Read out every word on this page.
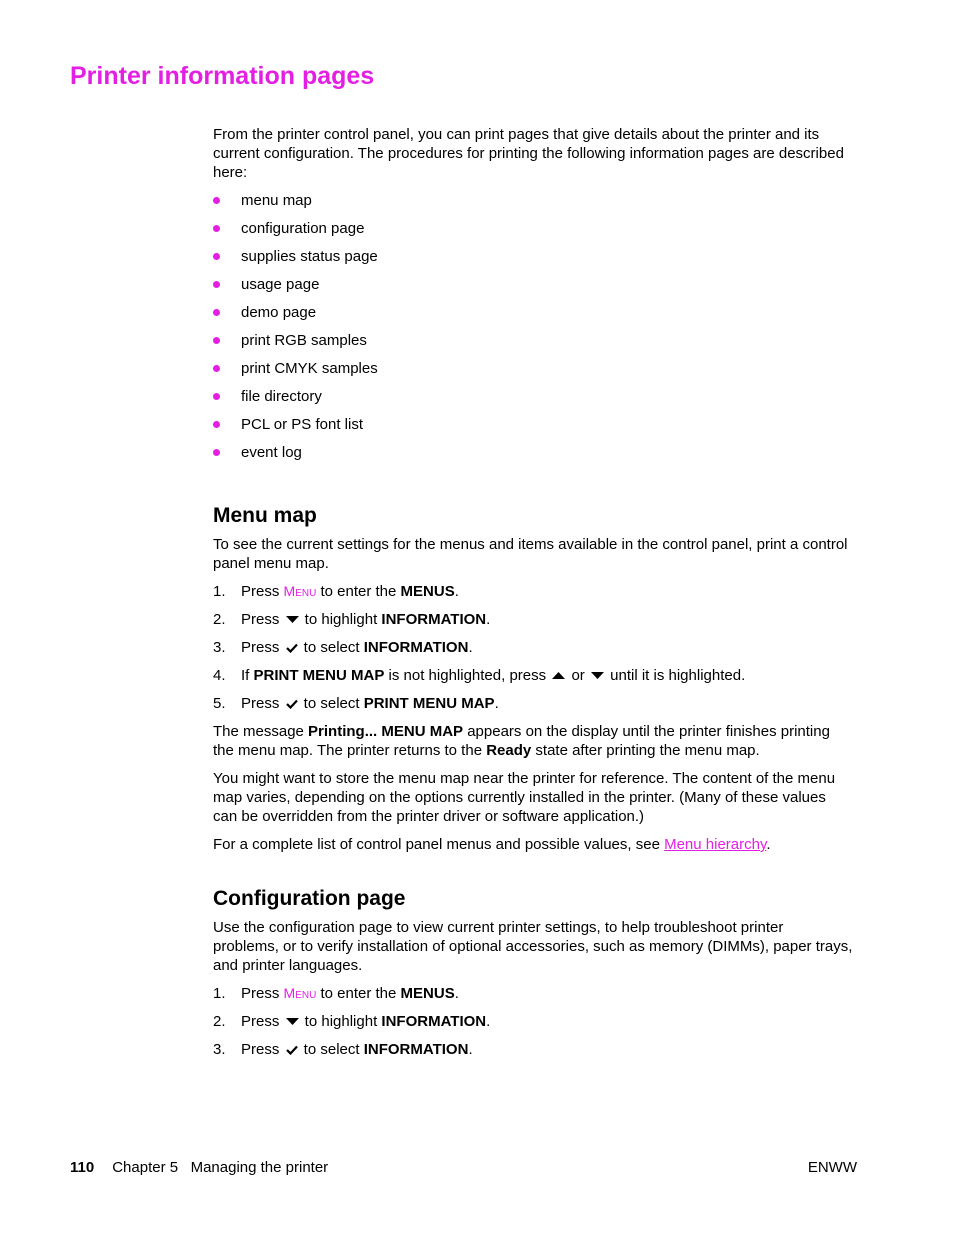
Printer information pages

From the printer control panel, you can print pages that give details about the printer and its current configuration. The procedures for printing the following information pages are described here:

menu map
configuration page
supplies status page
usage page
demo page
print RGB samples
print CMYK samples
file directory
PCL or PS font list
event log
Menu map

To see the current settings for the menus and items available in the control panel, print a control panel menu map.

1. Press Menu to enter the MENUS.
2. Press  to highlight INFORMATION.
3. Press  to select INFORMATION.
4. If PRINT MENU MAP is not highlighted, press  or  until it is highlighted.
5. Press  to select PRINT MENU MAP.

The message Printing... MENU MAP appears on the display until the printer finishes printing the menu map. The printer returns to the Ready state after printing the menu map.

You might want to store the menu map near the printer for reference. The content of the menu map varies, depending on the options currently installed in the printer. (Many of these values can be overridden from the printer driver or software application.)

For a complete list of control panel menus and possible values, see Menu hierarchy.

Configuration page

Use the configuration page to view current printer settings, to help troubleshoot printer problems, or to verify installation of optional accessories, such as memory (DIMMs), paper trays, and printer languages.

1. Press Menu to enter the MENUS.
2. Press  to highlight INFORMATION.
3. Press  to select INFORMATION.
110 Chapter 5   Managing the printer	ENWW
